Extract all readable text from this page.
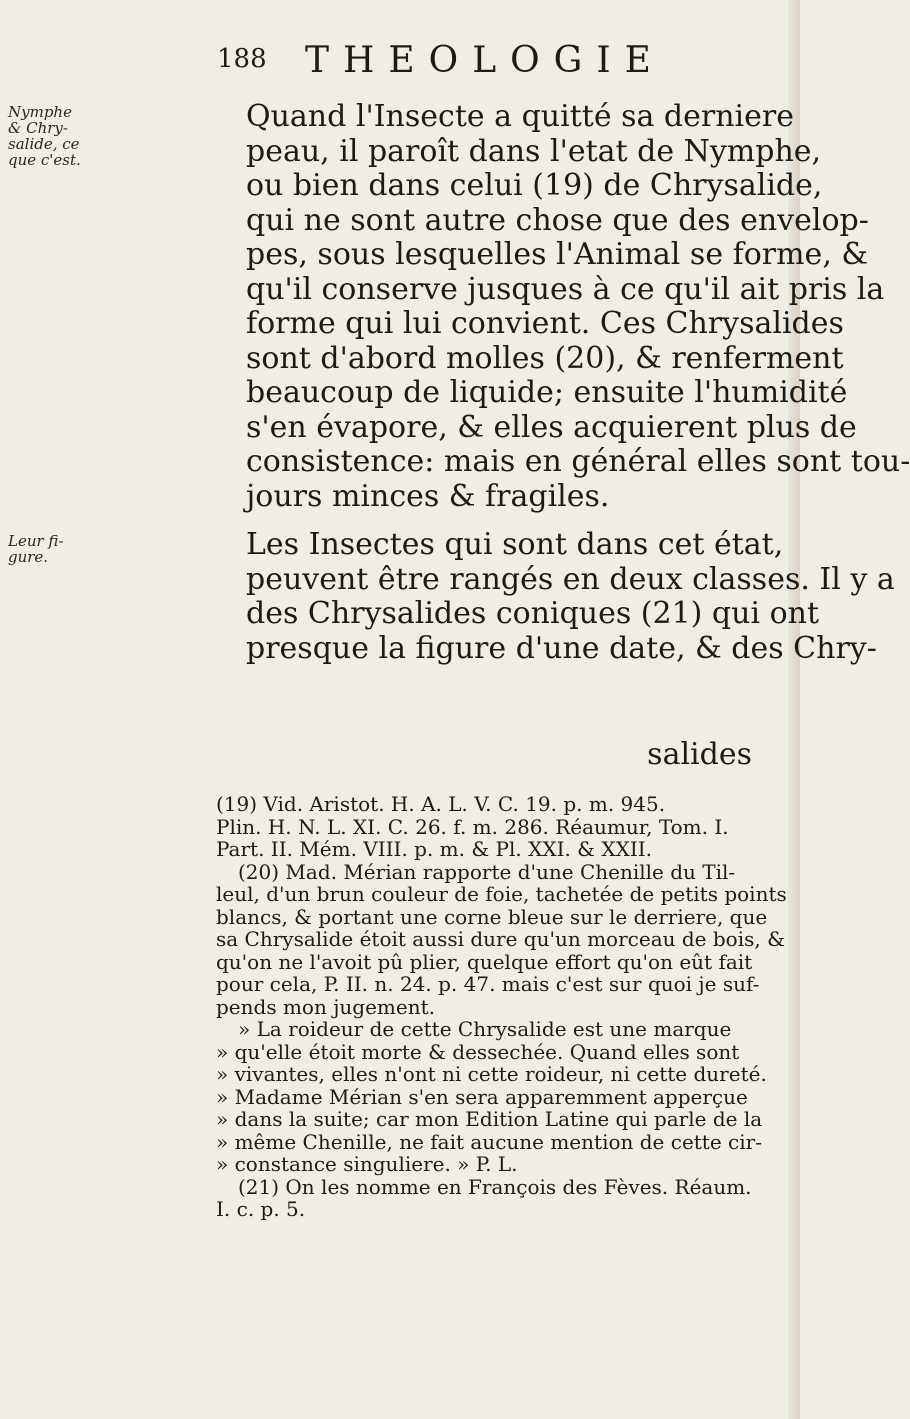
188 THEOLOGIE
Nymphe
& Chry-
salide, ce
que c'est.
Leur fi-
gure.
Quand l'Insecte a quitté sa derniere
peau, il paroît dans l'etat de Nymphe,
ou bien dans celui (19) de Chrysalide,
qui ne sont autre chose que des envelop-
pes, sous lesquelles l'Animal se forme, &
qu'il conserve jusques à ce qu'il ait pris la
forme qui lui convient. Ces Chrysalides
sont d'abord molles (20), & renferment
beaucoup de liquide; ensuite l'humidité
s'en évapore, & elles acquierent plus de
consistence: mais en général elles sont tou-
jours minces & fragiles.
Les Insectes qui sont dans cet état,
peuvent être rangés en deux classes. Il y a
des Chrysalides coniques (21) qui ont
presque la figure d'une date, & des Chry-
salides
(19) Vid. Aristot. H. A. L. V. C. 19. p. m. 945.
Plin. H. N. L. XI. C. 26. f. m. 286. Réaumur, Tom. I.
Part. II. Mém. VIII. p. m. & Pl. XXI. & XXII.
(20) Mad. Mérian rapporte d'une Chenille du Til-
leul, d'un brun couleur de foie, tachetée de petits points
blancs, & portant une corne bleue sur le derriere, que
sa Chrysalide étoit aussi dure qu'un morceau de bois, &
qu'on ne l'avoit pû plier, quelque effort qu'on eût fait
pour cela, P. II. n. 24. p. 47. mais c'est sur quoi je suf-
pends mon jugement.
» La roideur de cette Chrysalide est une marque
» qu'elle étoit morte & dessechée. Quand elles sont
» vivantes, elles n'ont ni cette roideur, ni cette dureté.
» Madame Mérian s'en sera apparemment apperçue
» dans la suite; car mon Edition Latine qui parle de la
» même Chenille, ne fait aucune mention de cette cir-
» constance singuliere. » P. L.
(21) On les nomme en François des Fèves. Réaum.
I. c. p. 5.
